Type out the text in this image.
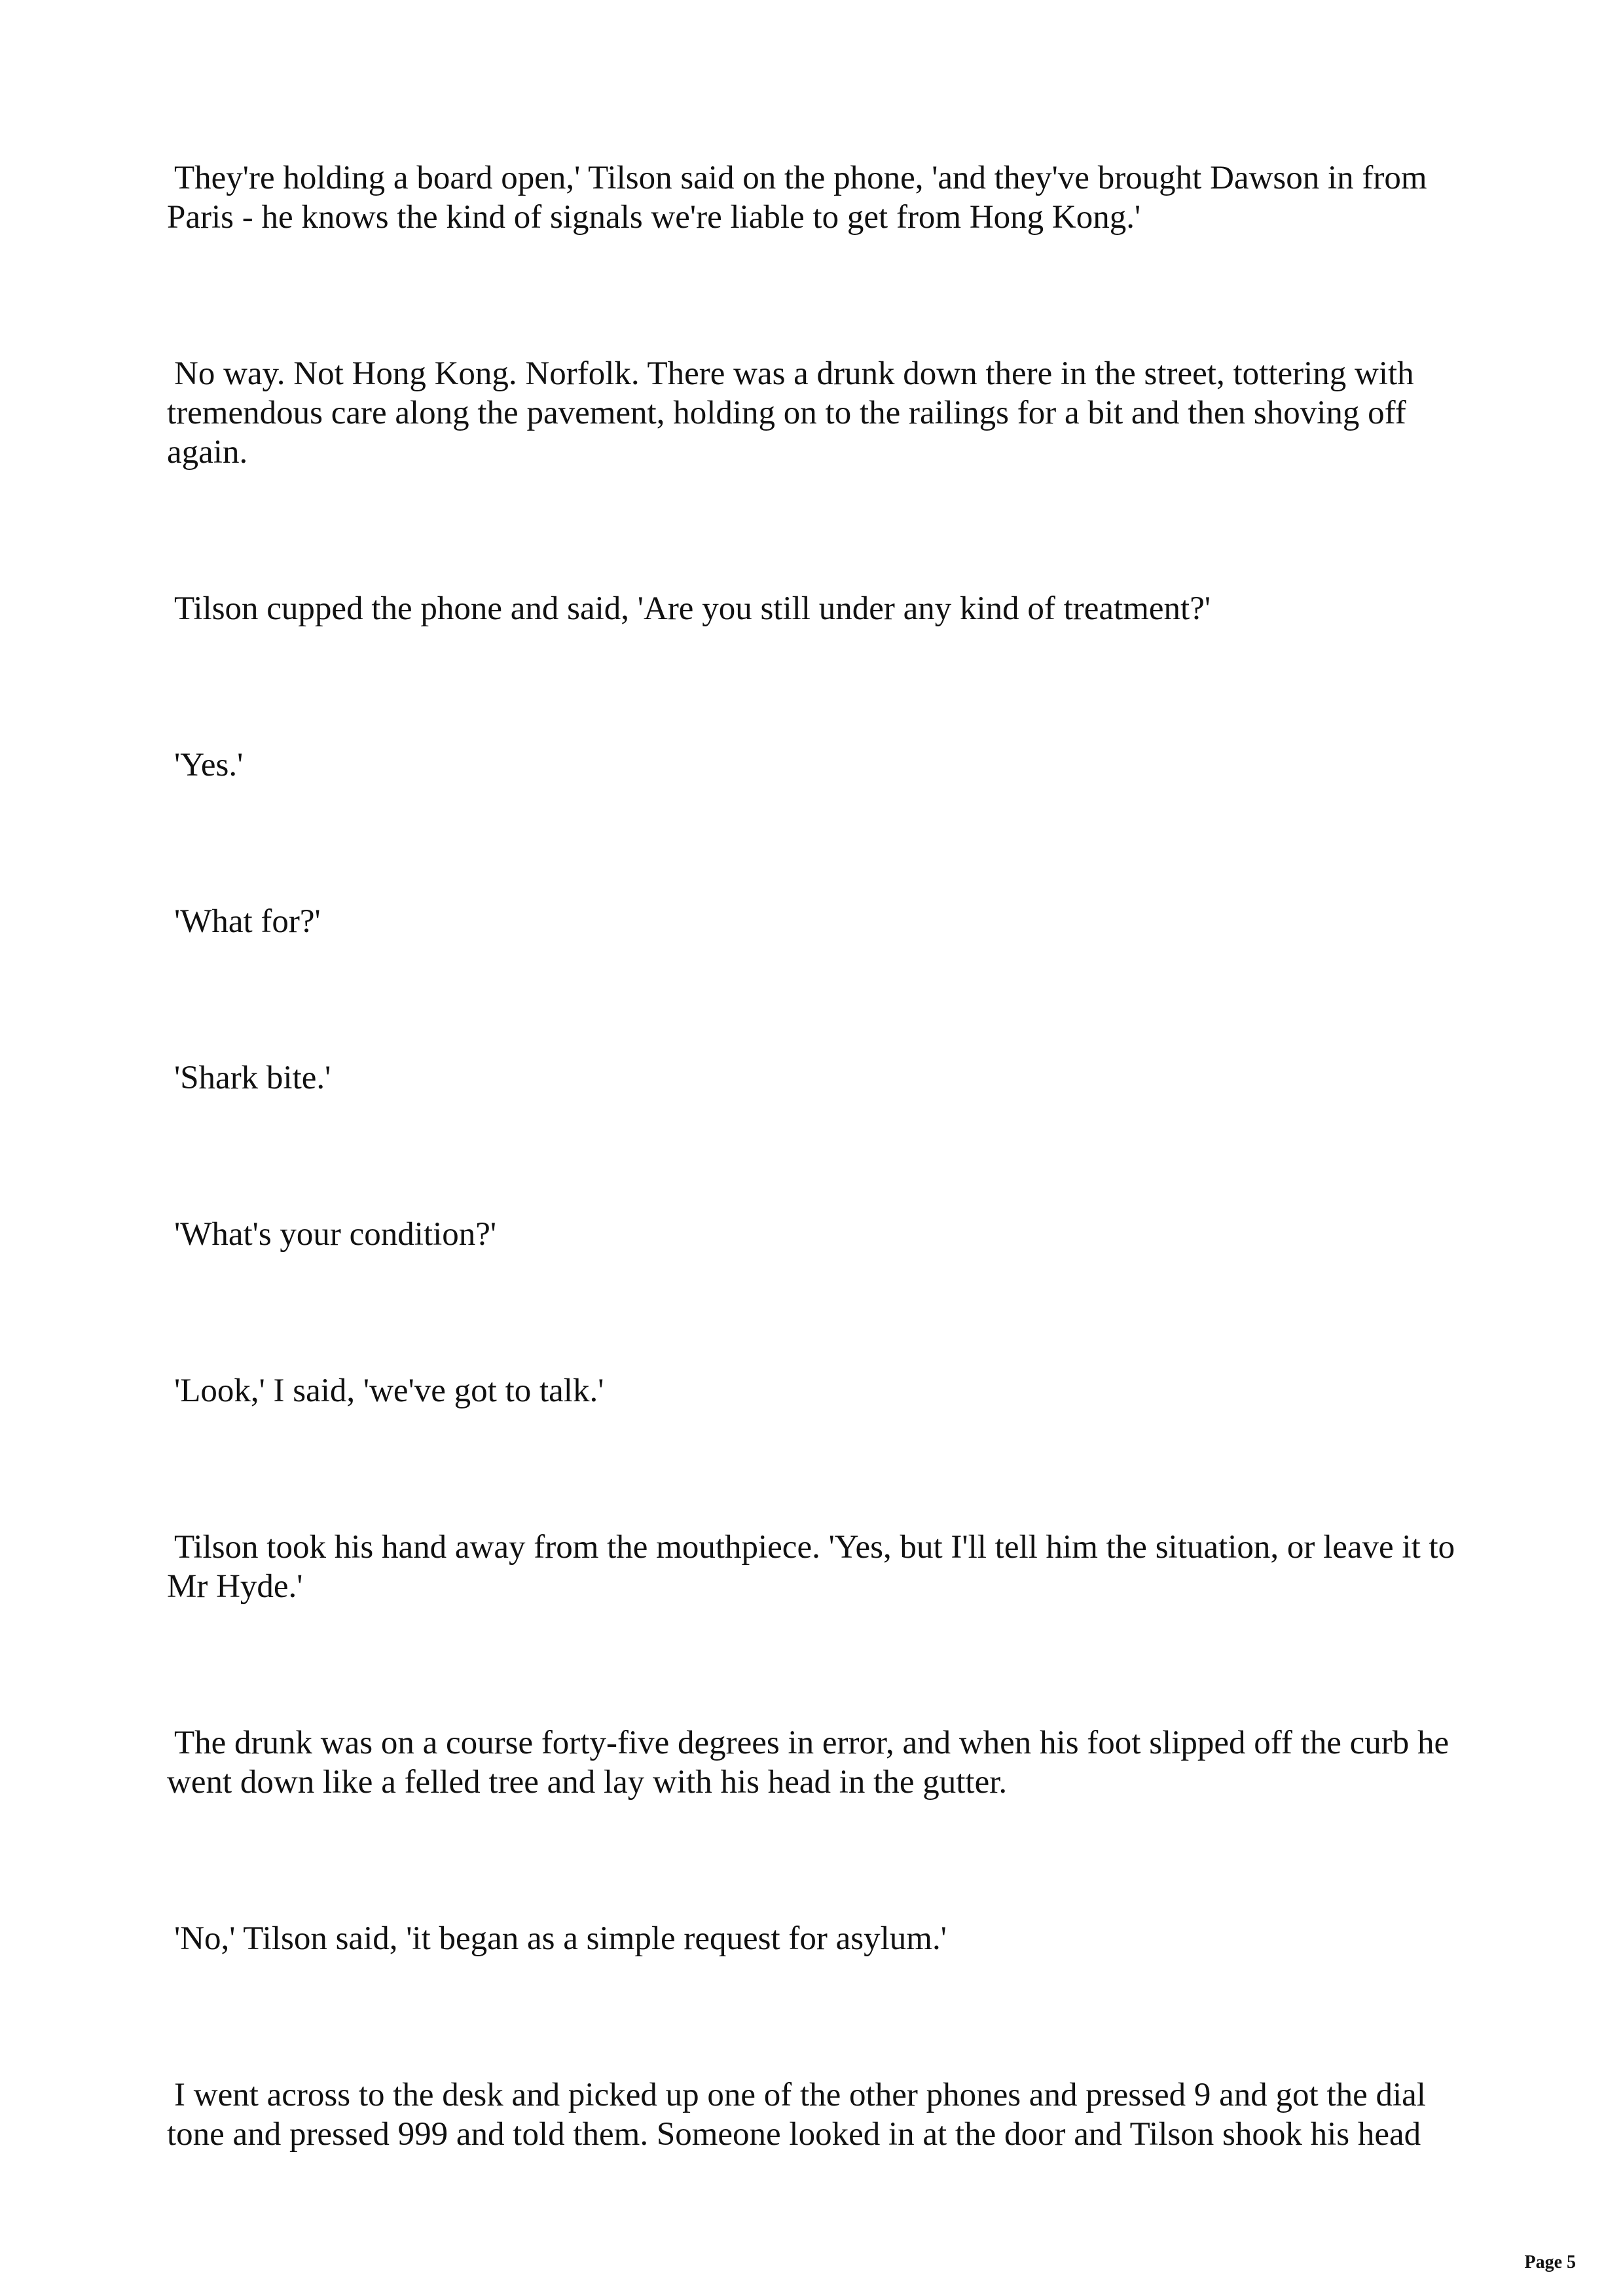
They're holding a board open,' Tilson said on the phone, 'and they've brought Dawson in from
Paris - he knows the kind of signals we're liable to get from Hong Kong.'

No way. Not Hong Kong. Norfolk. There was a drunk down there in the street, tottering with
tremendous care along the pavement, holding on to the railings for a bit and then shoving off
again.

Tilson cupped the phone and said, 'Are you still under any kind of treatment?'

'Yes.'

'What for?'

'Shark bite.'

'What's your condition?'

'Look,' I said, 'we've got to talk.'

Tilson took his hand away from the mouthpiece. 'Yes, but I'll tell him the situation, or leave it to
Mr Hyde.'

The drunk was on a course forty-five degrees in error, and when his foot slipped off the curb he
went down like a felled tree and lay with his head in the gutter.

'No,' Tilson said, 'it began as a simple request for asylum.'

I went across to the desk and picked up one of the other phones and pressed 9 and got the dial
tone and pressed 999 and told them. Someone looked in at the door and Tilson shook his head

Page 5
